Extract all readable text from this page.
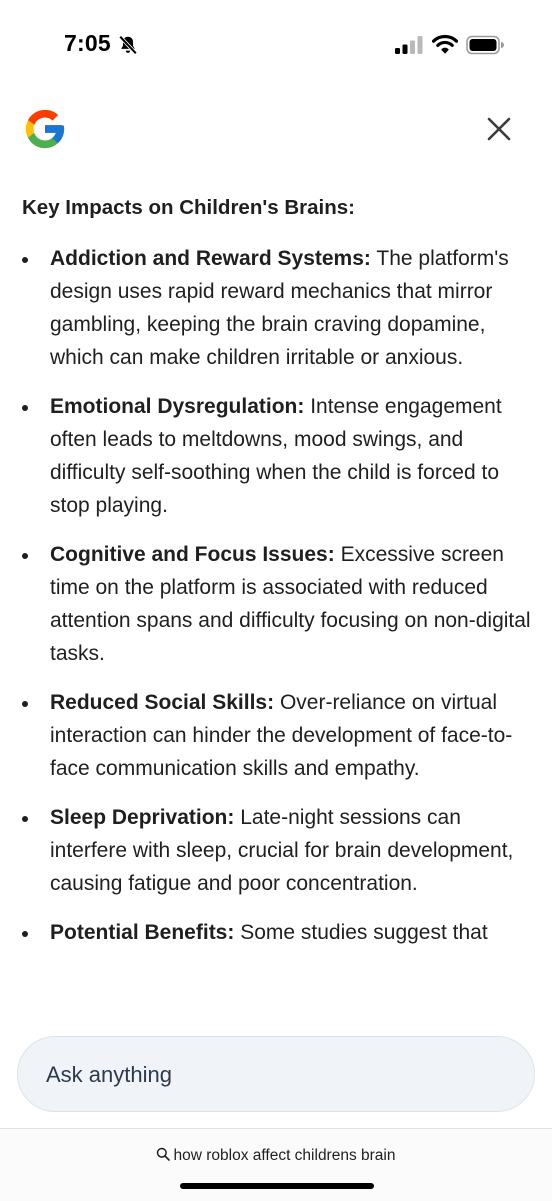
7:05
Key Impacts on Children's Brains:
Addiction and Reward Systems: The platform's design uses rapid reward mechanics that mirror gambling, keeping the brain craving dopamine, which can make children irritable or anxious.
Emotional Dysregulation: Intense engagement often leads to meltdowns, mood swings, and difficulty self-soothing when the child is forced to stop playing.
Cognitive and Focus Issues: Excessive screen time on the platform is associated with reduced attention spans and difficulty focusing on non-digital tasks.
Reduced Social Skills: Over-reliance on virtual interaction can hinder the development of face-to-face communication skills and empathy.
Sleep Deprivation: Late-night sessions can interfere with sleep, crucial for brain development, causing fatigue and poor concentration.
Potential Benefits: Some studies suggest that
Ask anything
how roblox affect childrens brain
